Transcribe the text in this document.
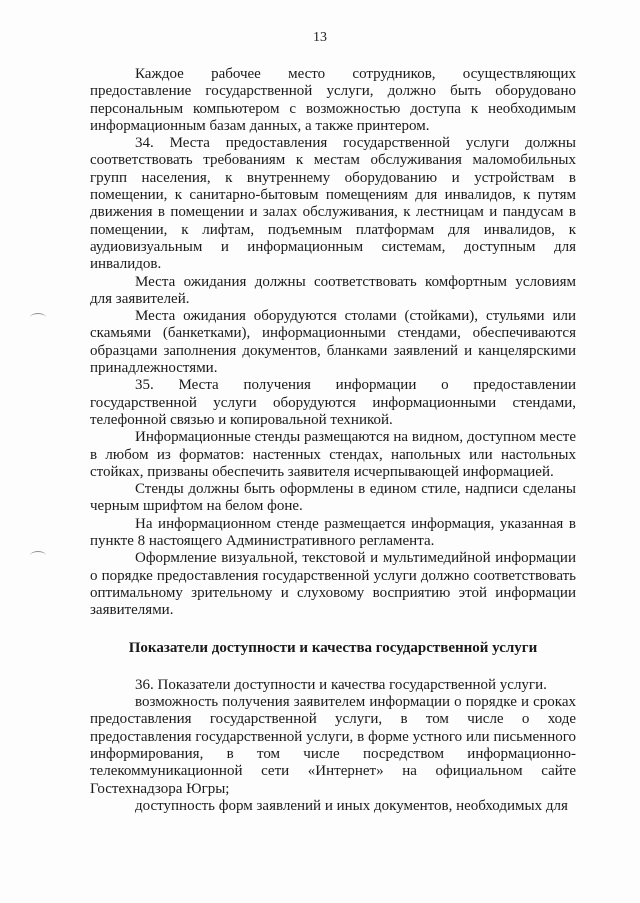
13

Каждое рабочее место сотрудников, осуществляющих предоставление государственной услуги, должно быть оборудовано персональным компьютером с возможностью доступа к необходимым информационным базам данных, а также принтером.

34. Места предоставления государственной услуги должны соответствовать требованиям к местам обслуживания маломобильных групп населения, к внутреннему оборудованию и устройствам в помещении, к санитарно-бытовым помещениям для инвалидов, к путям движения в помещении и залах обслуживания, к лестницам и пандусам в помещении, к лифтам, подъемным платформам для инвалидов, к аудиовизуальным и информационным системам, доступным для инвалидов.

Места ожидания должны соответствовать комфортным условиям для заявителей.

Места ожидания оборудуются столами (стойками), стульями или скамьями (банкетками), информационными стендами, обеспечиваются образцами заполнения документов, бланками заявлений и канцелярскими принадлежностями.

35. Места получения информации о предоставлении государственной услуги оборудуются информационными стендами, телефонной связью и копировальной техникой.

Информационные стенды размещаются на видном, доступном месте в любом из форматов: настенных стендах, напольных или настольных стойках, призваны обеспечить заявителя исчерпывающей информацией.

Стенды должны быть оформлены в едином стиле, надписи сделаны черным шрифтом на белом фоне.

На информационном стенде размещается информация, указанная в пункте 8 настоящего Административного регламента.

Оформление визуальной, текстовой и мультимедийной информации о порядке предоставления государственной услуги должно соответствовать оптимальному зрительному и слуховому восприятию этой информации заявителями.

Показатели доступности и качества государственной услуги

36. Показатели доступности и качества государственной услуги.

возможность получения заявителем информации о порядке и сроках предоставления государственной услуги, в том числе о ходе предоставления государственной услуги, в форме устного или письменного информирования, в том числе посредством информационно-телекоммуникационной сети «Интернет» на официальном сайте Гостехнадзора Югры;

доступность форм заявлений и иных документов, необходимых для
